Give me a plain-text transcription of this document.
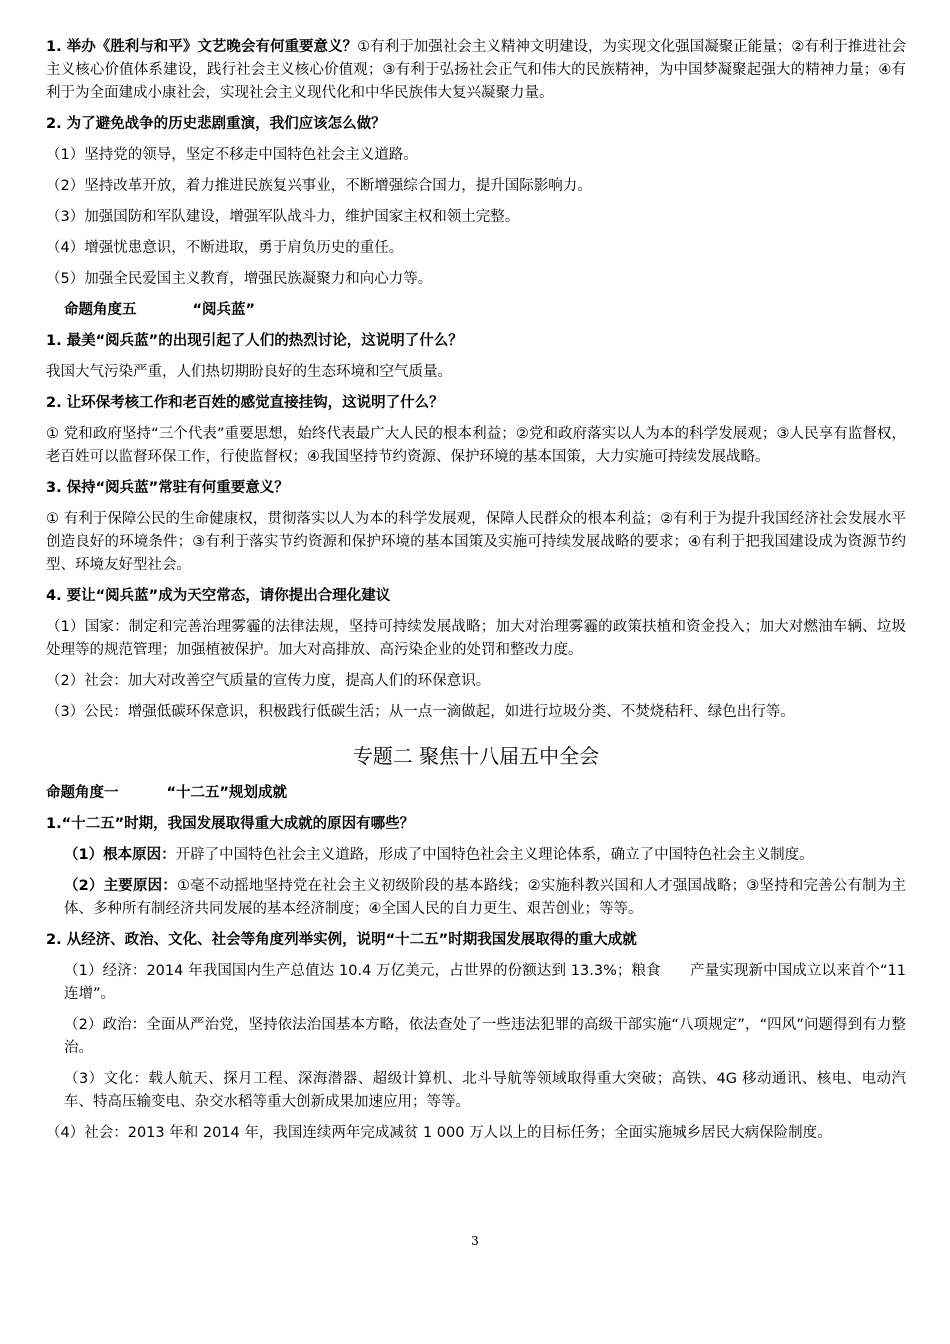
1. 举办《胜利与和平》文艺晚会有何重要意义？①有利于加强社会主义精神文明建设，为实现文化强国凝聚正能量；②有利于推进社会主义核心价值体系建设，践行社会主义核心价值观；③有利于弘扬社会正气和伟大的民族精神，为中国梦凝聚起强大的精神力量；④有利于为全面建成小康社会，实现社会主义现代化和中华民族伟大复兴凝聚力量。

2. 为了避免战争的历史悲剧重演，我们应该怎么做？

（1）坚持党的领导，坚定不移走中国特色社会主义道路。

（2）坚持改革开放，着力推进民族复兴事业，不断增强综合国力，提升国际影响力。

（3）加强国防和军队建设，增强军队战斗力，维护国家主权和领土完整。

（4）增强忧患意识，不断进取，勇于肩负历史的重任。

（5）加强全民爱国主义教育，增强民族凝聚力和向心力等。

命题角度五	“阅兵蓝”

1. 最美“阅兵蓝”的出现引起了人们的热烈讨论，这说明了什么？

我国大气污染严重，人们热切期盼良好的生态环境和空气质量。

2. 让环保考核工作和老百姓的感觉直接挂钩，这说明了什么？

① 党和政府坚持“三个代表”重要思想，始终代表最广大人民的根本利益；②党和政府落实以人为本的科学发展观；③人民享有监督权，老百姓可以监督环保工作，行使监督权；④我国坚持节约资源、保护环境的基本国策，大力实施可持续发展战略。

3. 保持“阅兵蓝”常驻有何重要意义？

① 有利于保障公民的生命健康权，贯彻落实以人为本的科学发展观，保障人民群众的根本利益；②有利于为提升我国经济社会发展水平创造良好的环境条件；③有利于落实节约资源和保护环境的基本国策及实施可持续发展战略的要求；④有利于把我国建设成为资源节约型、环境友好型社会。

4. 要让“阅兵蓝”成为天空常态，请你提出合理化建议

（1）国家：制定和完善治理雾霾的法律法规，坚持可持续发展战略；加大对治理雾霾的政策扶植和资金投入；加大对燃油车辆、垃圾处理等的规范管理；加强植被保护。加大对高排放、高污染企业的处罚和整改力度。

（2）社会：加大对改善空气质量的宣传力度，提高人们的环保意识。

（3）公民：增强低碳环保意识，积极践行低碳生活；从一点一滴做起，如进行垃圾分类、不焚烧秸秆、绿色出行等。

专题二 聚焦十八届五中全会
命题角度一	“十二五”规划成就

1.“十二五”时期，我国发展取得重大成就的原因有哪些？

（1）根本原因：开辟了中国特色社会主义道路，形成了中国特色社会主义理论体系，确立了中国特色社会主义制度。

（2）主要原因：①毫不动摇地坚持党在社会主义初级阶段的基本路线；②实施科教兴国和人才强国战略；③坚持和完善公有制为主体、多种所有制经济共同发展的基本经济制度；④全国人民的自力更生、艰苦创业；等等。

2. 从经济、政治、文化、社会等角度列举实例，说明“十二五”时期我国发展取得的重大成就

（1）经济：2014 年我国国内生产总值达 10.4 万亿美元，占世界的份额达到 13.3%；粮食　　产量实现新中国成立以来首个“11 连增”。

（2）政治：全面从严治党，坚持依法治国基本方略，依法查处了一些违法犯罪的高级干部实施“八项规定”，“四风”问题得到有力整治。

（3）文化：载人航天、探月工程、深海潜器、超级计算机、北斗导航等领域取得重大突破；高铁、4G 移动通讯、核电、电动汽车、特高压输变电、杂交水稻等重大创新成果加速应用；等等。

（4）社会：2013 年和 2014 年，我国连续两年完成减贫 1 000 万人以上的目标任务；全面实施城乡居民大病保险制度。

3
